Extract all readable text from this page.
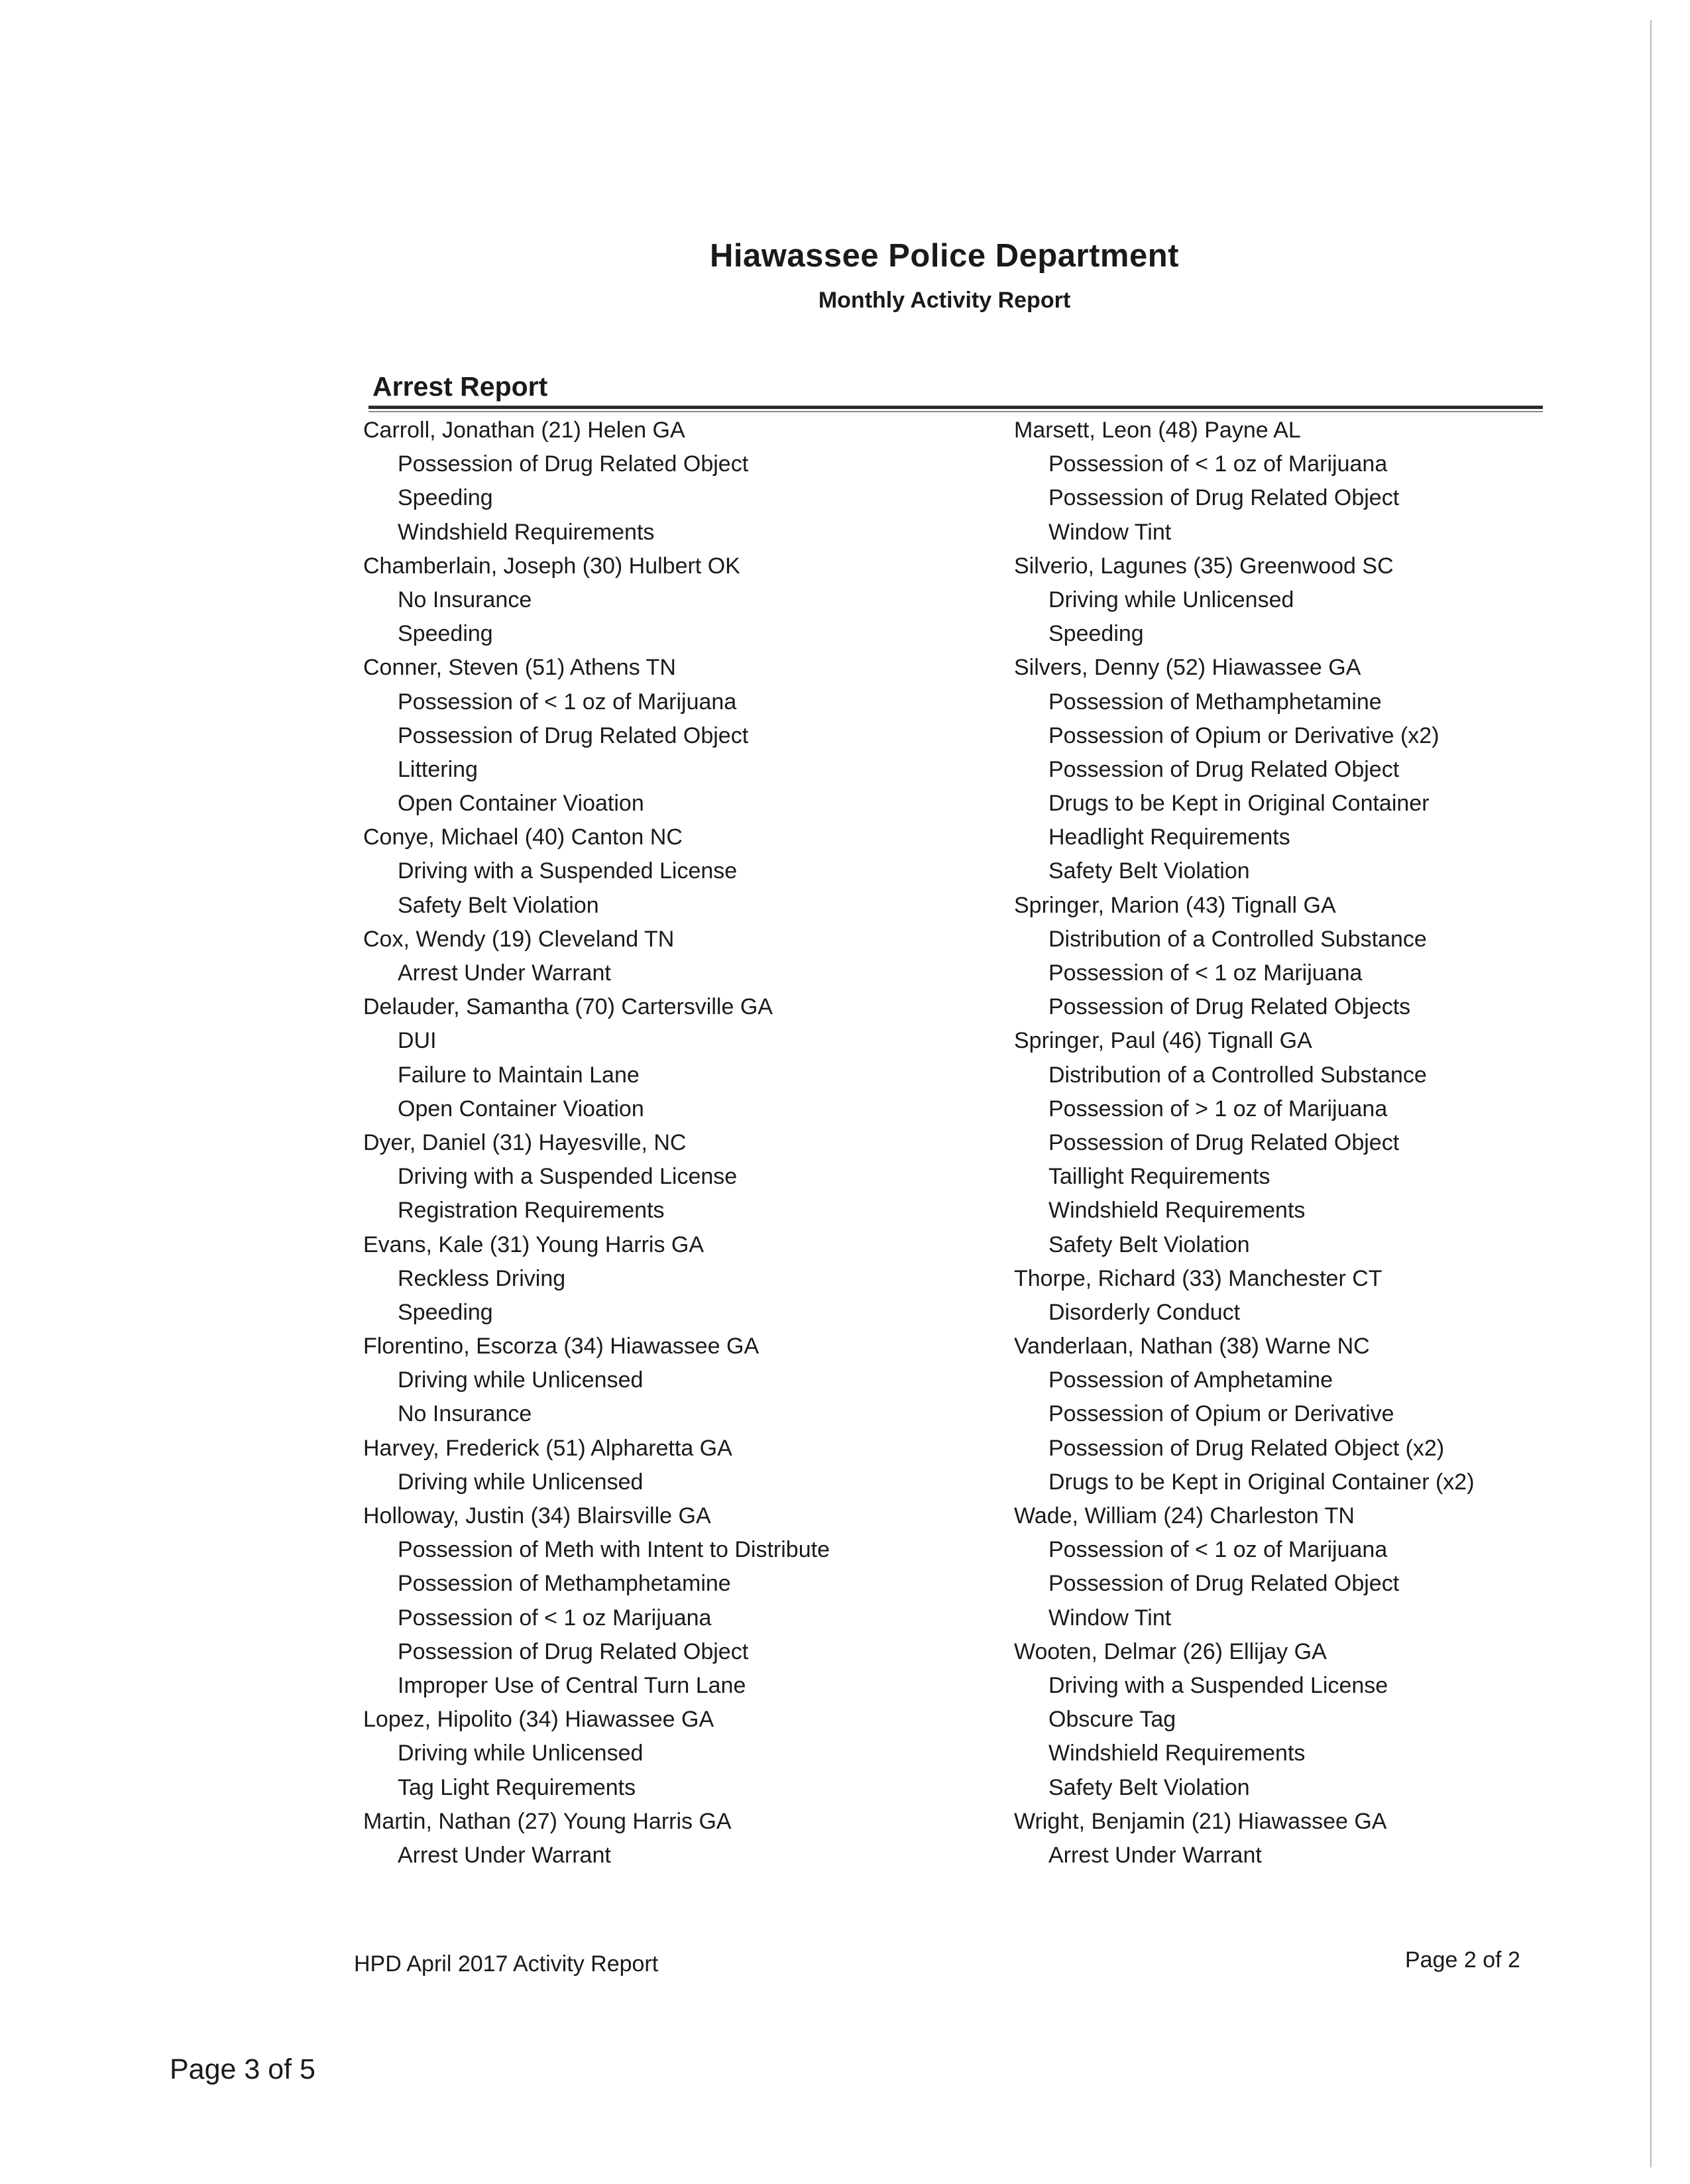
Hiawassee Police Department
Monthly Activity Report
Arrest Report
Carroll, Jonathan (21) Helen GA
Possession of Drug Related Object
Speeding
Windshield Requirements
Chamberlain, Joseph (30) Hulbert OK
No Insurance
Speeding
Conner, Steven (51) Athens TN
Possession of < 1 oz of Marijuana
Possession of Drug Related Object
Littering
Open Container Vioation
Conye, Michael (40) Canton NC
Driving with a Suspended License
Safety Belt Violation
Cox, Wendy (19) Cleveland TN
Arrest Under Warrant
Delauder, Samantha (70) Cartersville GA
DUI
Failure to Maintain Lane
Open Container Vioation
Dyer, Daniel (31) Hayesville, NC
Driving with a Suspended License
Registration Requirements
Evans, Kale (31) Young Harris GA
Reckless Driving
Speeding
Florentino, Escorza (34) Hiawassee GA
Driving while Unlicensed
No Insurance
Harvey, Frederick (51) Alpharetta GA
Driving while Unlicensed
Holloway, Justin (34) Blairsville GA
Possession of Meth with Intent to Distribute
Possession of Methamphetamine
Possession of < 1 oz Marijuana
Possession of Drug Related Object
Improper Use of Central Turn Lane
Lopez, Hipolito (34) Hiawassee GA
Driving while Unlicensed
Tag Light Requirements
Martin, Nathan (27) Young Harris GA
Arrest Under Warrant
Marsett, Leon (48) Payne AL
Possession of < 1 oz of Marijuana
Possession of Drug Related Object
Window Tint
Silverio, Lagunes (35) Greenwood SC
Driving while Unlicensed
Speeding
Silvers, Denny (52) Hiawassee GA
Possession of Methamphetamine
Possession of Opium or Derivative (x2)
Possession of Drug Related Object
Drugs to be Kept in Original Container
Headlight Requirements
Safety Belt Violation
Springer, Marion (43) Tignall GA
Distribution of a Controlled Substance
Possession of < 1 oz Marijuana
Possession of Drug Related Objects
Springer, Paul (46) Tignall GA
Distribution of a Controlled Substance
Possession of > 1 oz of Marijuana
Possession of Drug Related Object
Taillight Requirements
Windshield Requirements
Safety Belt Violation
Thorpe, Richard (33) Manchester CT
Disorderly Conduct
Vanderlaan, Nathan (38) Warne NC
Possession of Amphetamine
Possession of Opium or Derivative
Possession of Drug Related Object (x2)
Drugs to be Kept in Original Container (x2)
Wade, William (24) Charleston TN
Possession of < 1 oz of Marijuana
Possession of Drug Related Object
Window Tint
Wooten, Delmar (26) Ellijay GA
Driving with a Suspended License
Obscure Tag
Windshield Requirements
Safety Belt Violation
Wright, Benjamin (21) Hiawassee GA
Arrest Under Warrant
HPD April 2017 Activity Report	Page 2 of 2
Page 3 of 5
